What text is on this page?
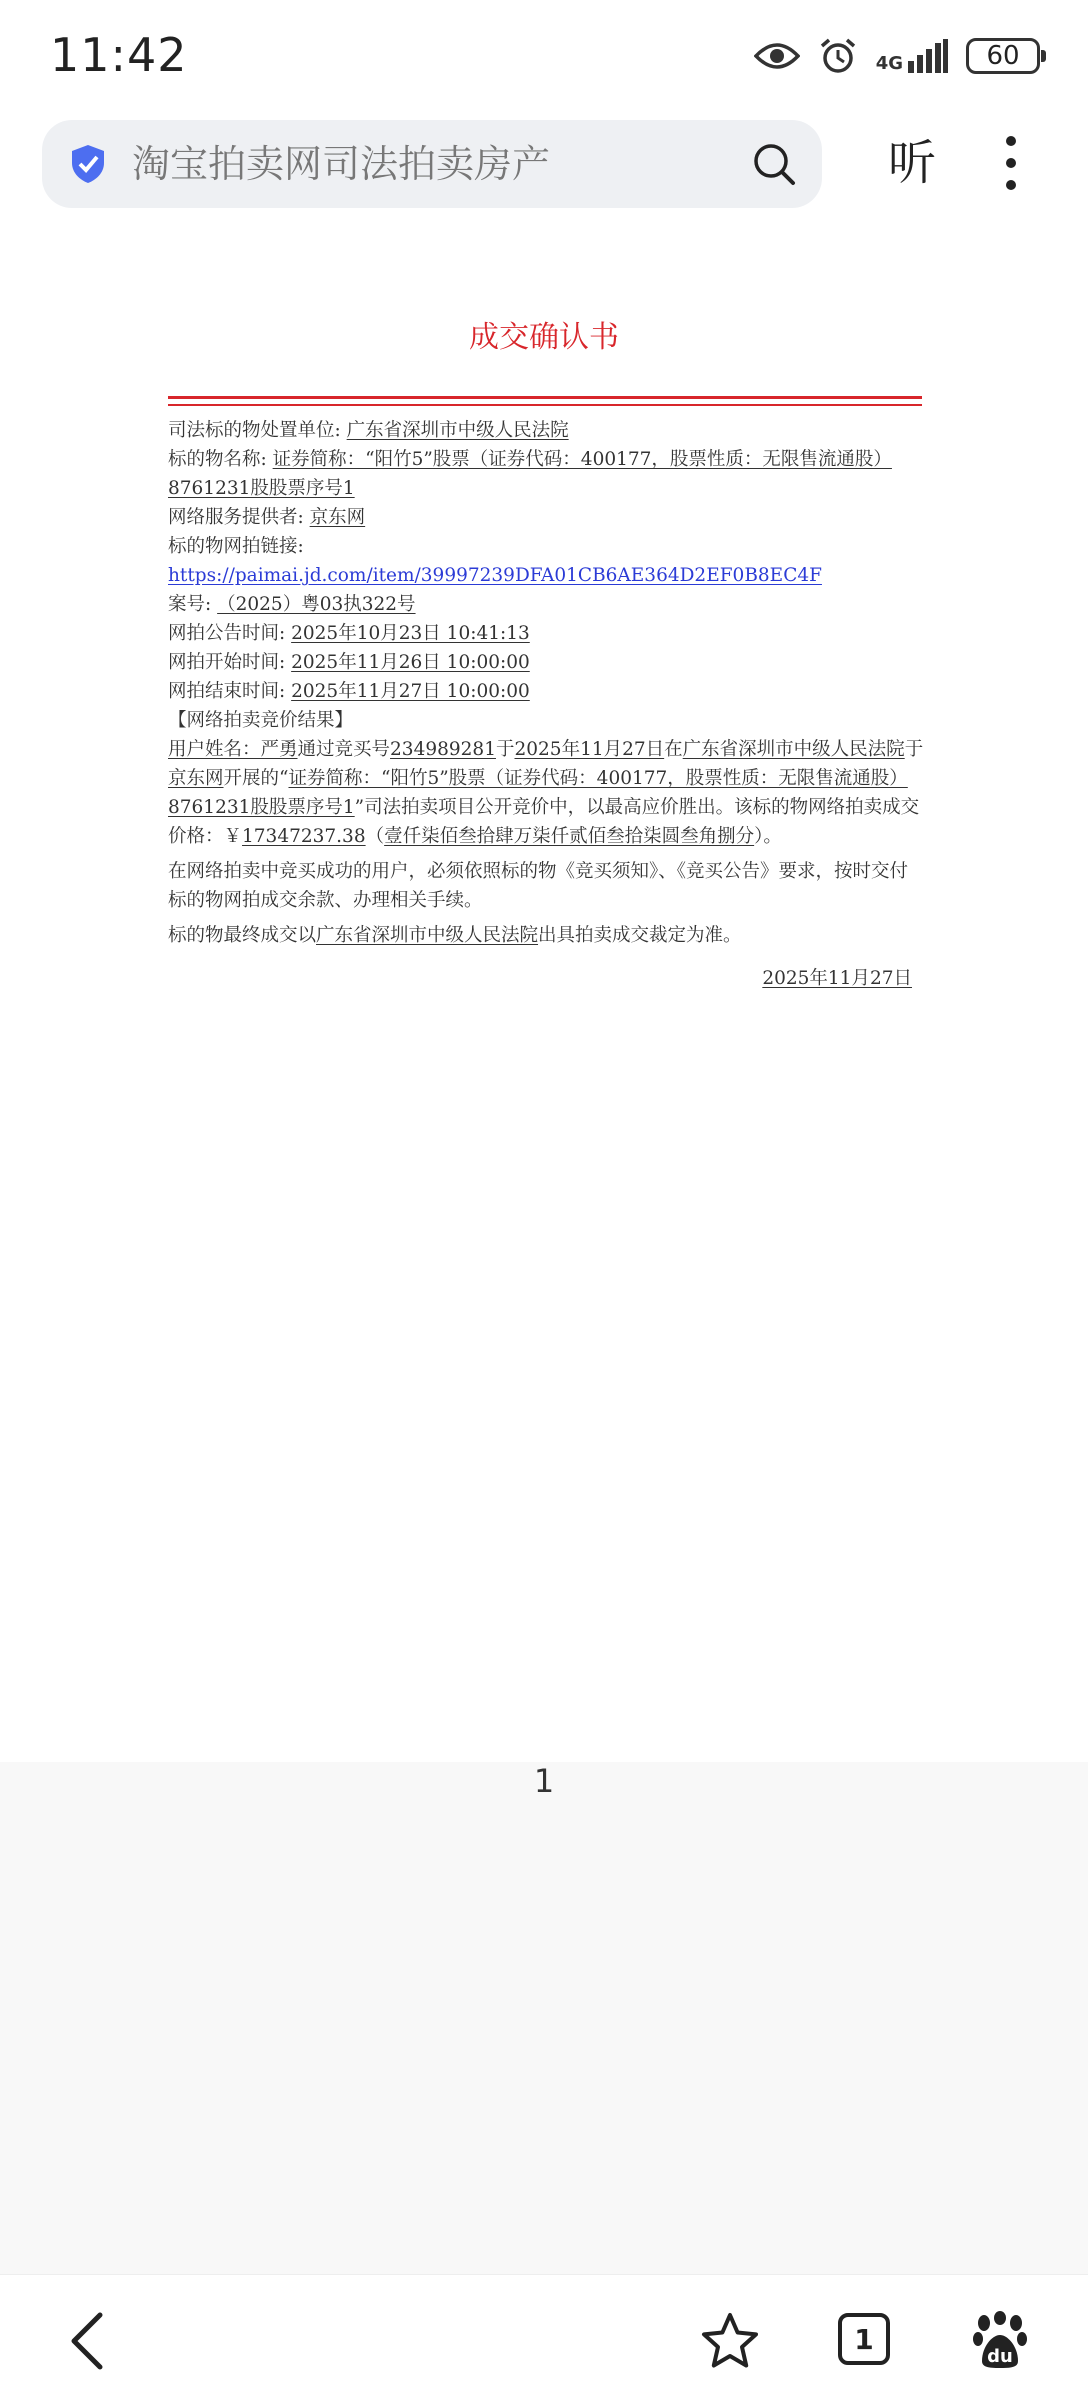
11:42	4G	60
淘宝拍卖网司法拍卖房产	听
成交确认书

司法标的物处置单位: 广东省深圳市中级人民法院

标的物名称: 证券简称：“阳竹5”股票（证券代码：400177，股票性质：无限售流通股）8761231股股票序号1

网络服务提供者: 京东网

标的物网拍链接: https://paimai.jd.com/item/39997239DFA01CB6AE364D2EF0B8EC4F

案号: （2025）粤03执322号

网拍公告时间: 2025年10月23日 10:41:13

网拍开始时间: 2025年11月26日 10:00:00

网拍结束时间: 2025年11月27日 10:00:00

【网络拍卖竞价结果】

用户姓名：严勇通过竞买号234989281于2025年11月27日在广东省深圳市中级人民法院于京东网开展的“证券简称：“阳竹5”股票（证券代码：400177，股票性质：无限售流通股）8761231股股票序号1”司法拍卖项目公开竞价中，以最高应价胜出。该标的物网络拍卖成交价格：￥17347237.38（壹仟柒佰叁拾肆万柒仟贰佰叁拾柒圆叁角捌分）。

在网络拍卖中竞买成功的用户，必须依照标的物《竞买须知》、《竞买公告》要求，按时交付标的物网拍成交余款、办理相关手续。

标的物最终成交以广东省深圳市中级人民法院出具拍卖成交裁定为准。

2025年11月27日

1
1
du
